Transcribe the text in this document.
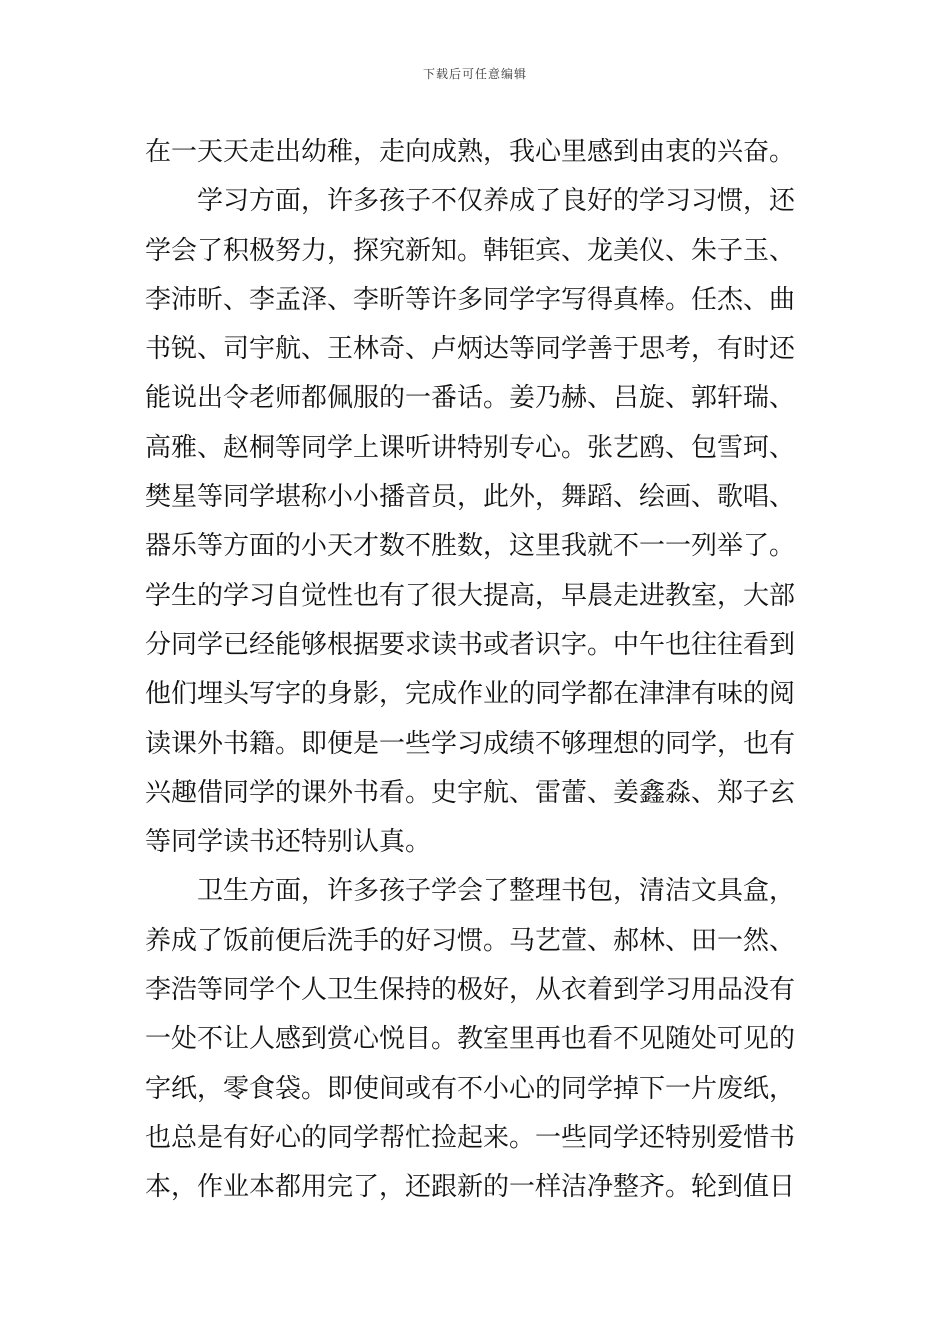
下载后可任意编辑
在一天天走出幼稚，走向成熟，我心里感到由衷的兴奋。
学习方面，许多孩子不仅养成了良好的学习习惯，还
学会了积极努力，探究新知。韩钜宾、龙美仪、朱子玉、
李沛昕、李孟泽、李昕等许多同学字写得真棒。任杰、曲
书锐、司宇航、王林奇、卢炳达等同学善于思考，有时还
能说出令老师都佩服的一番话。姜乃赫、吕旋、郭轩瑞、
高雅、赵桐等同学上课听讲特别专心。张艺鸥、包雪珂、
樊星等同学堪称小小播音员，此外，舞蹈、绘画、歌唱、
器乐等方面的小天才数不胜数，这里我就不一一列举了。
学生的学习自觉性也有了很大提高，早晨走进教室，大部
分同学已经能够根据要求读书或者识字。中午也往往看到
他们埋头写字的身影，完成作业的同学都在津津有味的阅
读课外书籍。即便是一些学习成绩不够理想的同学，也有
兴趣借同学的课外书看。史宇航、雷蕾、姜鑫淼、郑子玄
等同学读书还特别认真。
卫生方面，许多孩子学会了整理书包，清洁文具盒，
养成了饭前便后洗手的好习惯。马艺萱、郝林、田一然、
李浩等同学个人卫生保持的极好，从衣着到学习用品没有
一处不让人感到赏心悦目。教室里再也看不见随处可见的
字纸，零食袋。即使间或有不小心的同学掉下一片废纸，
也总是有好心的同学帮忙捡起来。一些同学还特别爱惜书
本，作业本都用完了，还跟新的一样洁净整齐。轮到值日
